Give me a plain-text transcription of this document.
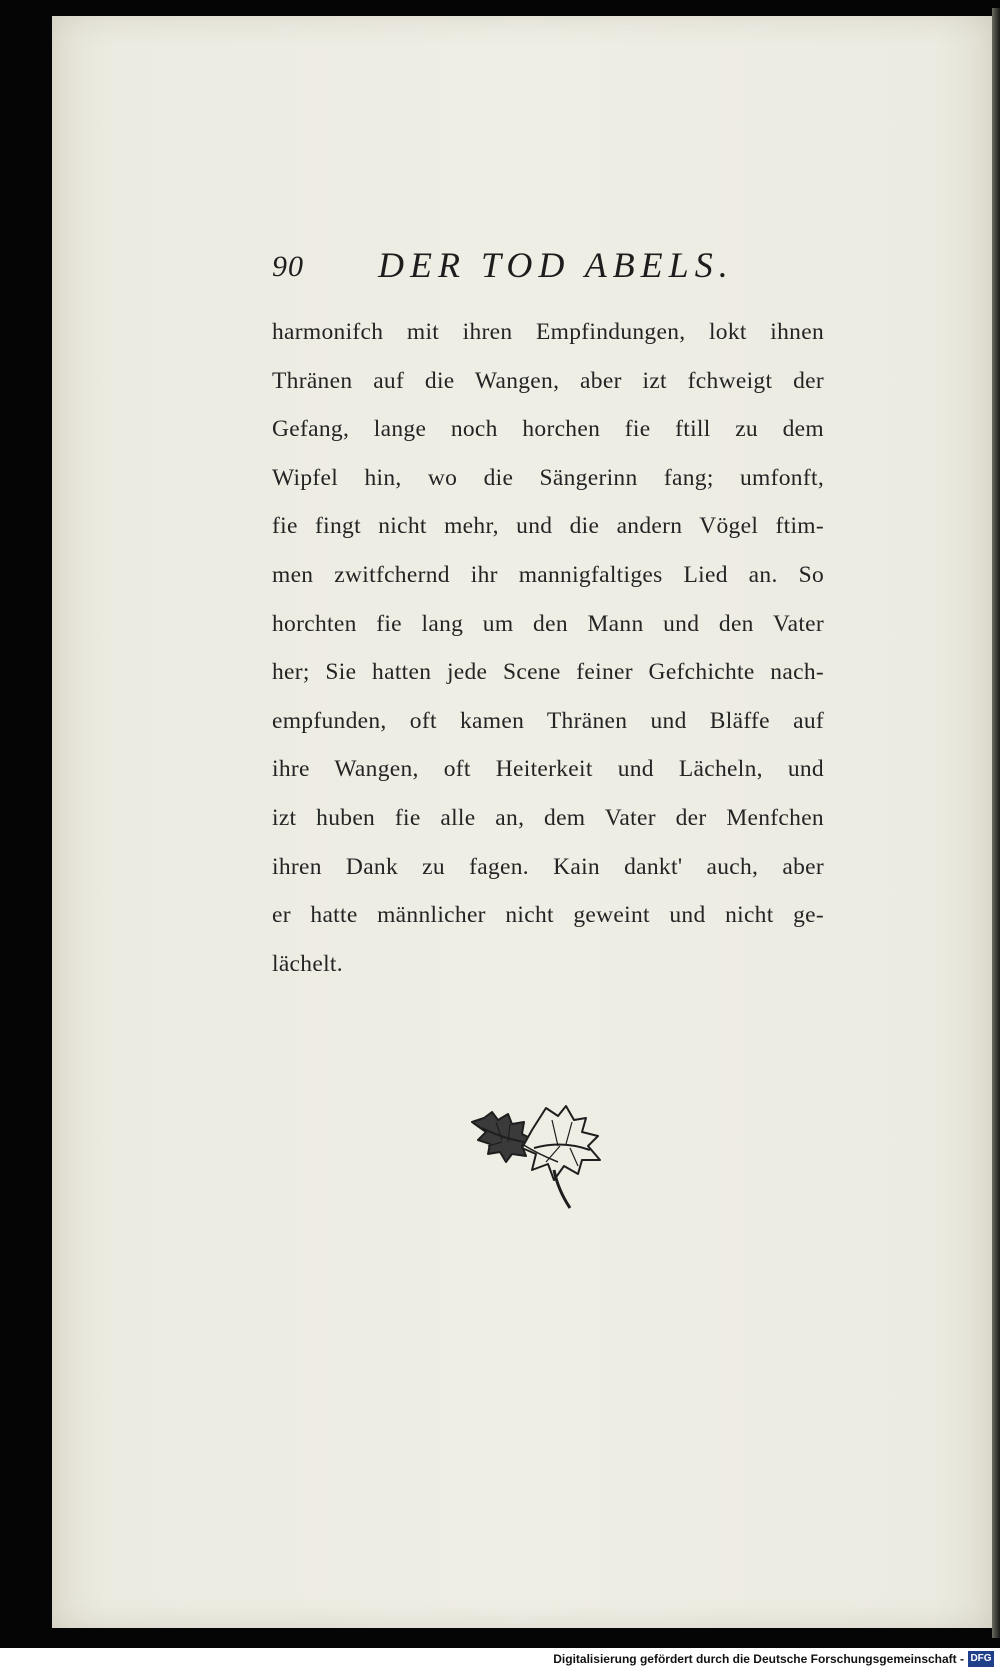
90 DER TOD ABELS.
harmonifch mit ihren Empfindungen, lokt ihnen
Thränen auf die Wangen, aber izt fchweigt der
Gefang, lange noch horchen fie ftill zu dem
Wipfel hin, wo die Sängerinn fang; umfonft,
fie fingt nicht mehr, und die andern Vögel ftim-
men zwitfchernd ihr mannigfaltiges Lied an. So
horchten fie lang um den Mann und den Vater
her; Sie hatten jede Scene feiner Gefchichte nach-
empfunden, oft kamen Thränen und Bläffe auf
ihre Wangen, oft Heiterkeit und Lächeln, und
izt huben fie alle an, dem Vater der Menfchen
ihren Dank zu fagen. Kain dankt' auch, aber
er hatte männlicher nicht geweint und nicht ge-
lächelt.
Digitalisierung gefördert durch die Deutsche Forschungsgemeinschaft - DFG
